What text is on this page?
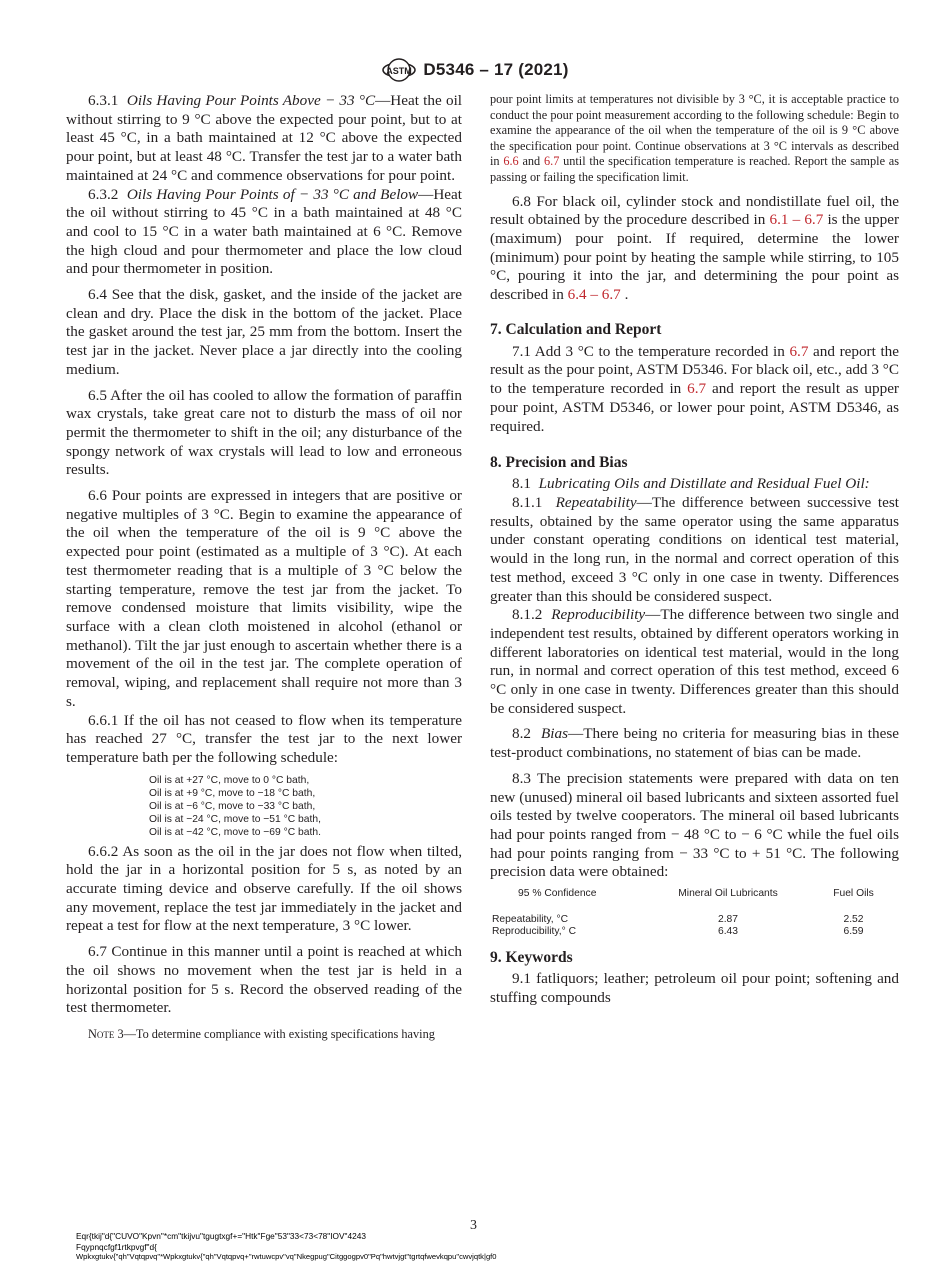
ASTM D5346 – 17 (2021)

6.3.1 Oils Having Pour Points Above − 33 °C—Heat the oil without stirring to 9 °C above the expected pour point, but to at least 45 °C, in a bath maintained at 12 °C above the expected pour point, but at least 48 °C. Transfer the test jar to a water bath maintained at 24 °C and commence observations for pour point.

6.3.2 Oils Having Pour Points of − 33 °C and Below—Heat the oil without stirring to 45 °C in a bath maintained at 48 °C and cool to 15 °C in a water bath maintained at 6 °C. Remove the high cloud and pour thermometer and place the low cloud and pour thermometer in position.

6.4 See that the disk, gasket, and the inside of the jacket are clean and dry. Place the disk in the bottom of the jacket. Place the gasket around the test jar, 25 mm from the bottom. Insert the test jar in the jacket. Never place a jar directly into the cooling medium.

6.5 After the oil has cooled to allow the formation of paraffin wax crystals, take great care not to disturb the mass of oil nor permit the thermometer to shift in the oil; any disturbance of the spongy network of wax crystals will lead to low and erroneous results.

6.6 Pour points are expressed in integers that are positive or negative multiples of 3 °C. Begin to examine the appearance of the oil when the temperature of the oil is 9 °C above the expected pour point (estimated as a multiple of 3 °C). At each test thermometer reading that is a multiple of 3 °C below the starting temperature, remove the test jar from the jacket. To remove condensed moisture that limits visibility, wipe the surface with a clean cloth moistened in alcohol (ethanol or methanol). Tilt the jar just enough to ascertain whether there is a movement of the oil in the test jar. The complete operation of removal, wiping, and replacement shall require not more than 3 s.

6.6.1 If the oil has not ceased to flow when its temperature has reached 27 °C, transfer the test jar to the next lower temperature bath per the following schedule:

Oil is at +27 °C, move to 0 °C bath,
Oil is at +9 °C, move to −18 °C bath,
Oil is at −6 °C, move to −33 °C bath,
Oil is at −24 °C, move to −51 °C bath,
Oil is at −42 °C, move to −69 °C bath.

6.6.2 As soon as the oil in the jar does not flow when tilted, hold the jar in a horizontal position for 5 s, as noted by an accurate timing device and observe carefully. If the oil shows any movement, replace the test jar immediately in the jacket and repeat a test for flow at the next temperature, 3 °C lower.

6.7 Continue in this manner until a point is reached at which the oil shows no movement when the test jar is held in a horizontal position for 5 s. Record the observed reading of the test thermometer.

Note 3—To determine compliance with existing specifications having

pour point limits at temperatures not divisible by 3 °C, it is acceptable practice to conduct the pour point measurement according to the following schedule: Begin to examine the appearance of the oil when the temperature of the oil is 9 °C above the specification pour point. Continue observations at 3 °C intervals as described in 6.6 and 6.7 until the specification temperature is reached. Report the sample as passing or failing the specification limit.

6.8 For black oil, cylinder stock and nondistillate fuel oil, the result obtained by the procedure described in 6.1 – 6.7 is the upper (maximum) pour point. If required, determine the lower (minimum) pour point by heating the sample while stirring, to 105 °C, pouring it into the jar, and determining the pour point as described in 6.4 – 6.7 .

7. Calculation and Report

7.1 Add 3 °C to the temperature recorded in 6.7 and report the result as the pour point, ASTM D5346. For black oil, etc., add 3 °C to the temperature recorded in 6.7 and report the result as upper pour point, ASTM D5346, or lower pour point, ASTM D5346, as required.

8. Precision and Bias

8.1 Lubricating Oils and Distillate and Residual Fuel Oil:

8.1.1 Repeatability—The difference between successive test results, obtained by the same operator using the same apparatus under constant operating conditions on identical test material, would in the long run, in the normal and correct operation of this test method, exceed 3 °C only in one case in twenty. Differences greater than this should be considered suspect.

8.1.2 Reproducibility—The difference between two single and independent test results, obtained by different operators working in different laboratories on identical test material, would in the long run, in normal and correct operation of this test method, exceed 6 °C only in one case in twenty. Differences greater than this should be considered suspect.

8.2 Bias—There being no criteria for measuring bias in these test-product combinations, no statement of bias can be made.

8.3 The precision statements were prepared with data on ten new (unused) mineral oil based lubricants and sixteen assorted fuel oils tested by twelve cooperators. The mineral oil based lubricants had pour points ranged from − 48 °C to − 6 °C while the fuel oils had pour points ranging from − 33 °C to + 51 °C. The following precision data were obtained:

95 % Confidence	Mineral Oil Lubricants	Fuel Oils

Repeatability, °C	2.87	2.52
Reproducibility,° C	6.43	6.59
9. Keywords

9.1 fatliquors; leather; petroleum oil pour point; softening and stuffing compounds

3
Eqr{tkij"d{"CUVO"Kpvn"*cm"tkijvu"tgugtxgf+="Htk"Fge"53"33<73<78"IOV"4243
Fqypnqcfgf1rtkpvgf"d{
Wpkxgtukv{"qh"Vqtqpvq"*Wpkxgtukv{"qh"Vqtqpvq+"rwtuwcpv"vq"Nkegpug"Citggogpv0"Pq"hwtvjgt"tgrtqfwevkqpu"cwvjqtk|gf0
